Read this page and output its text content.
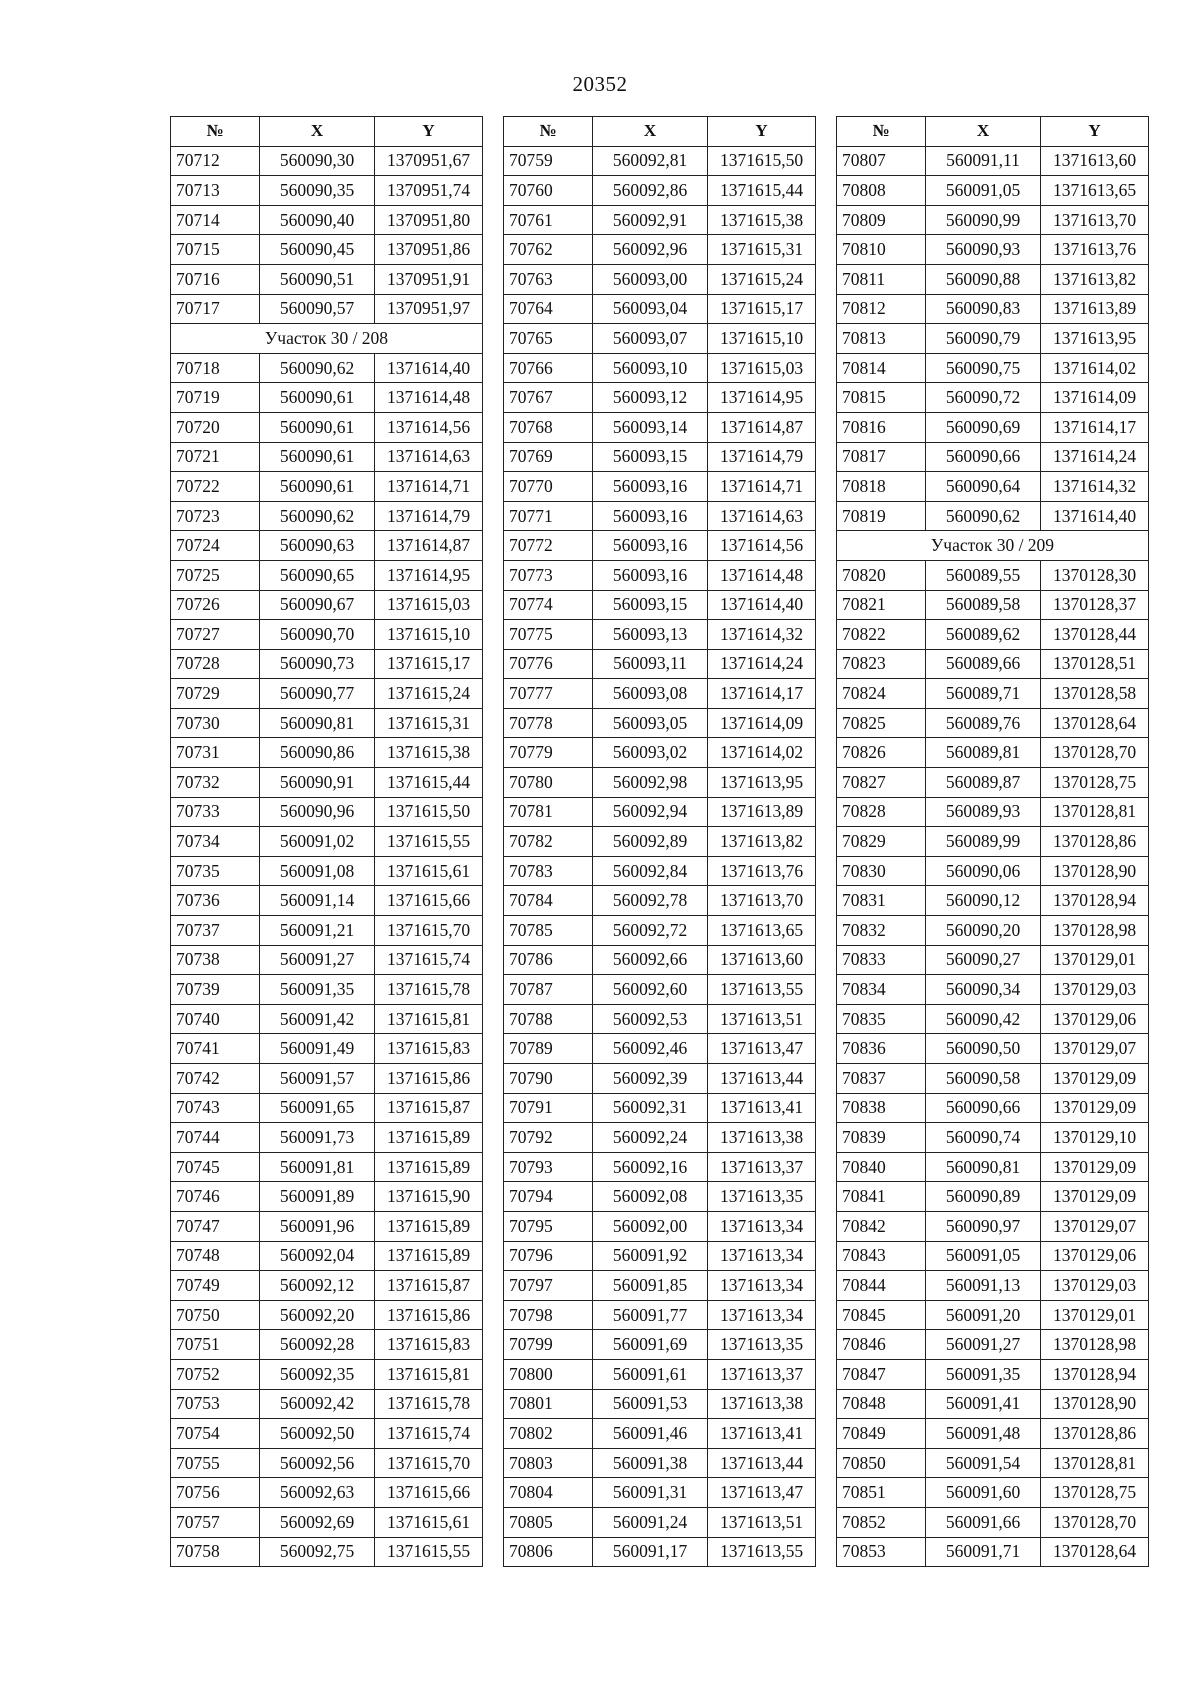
20352
№	X	Y
70712	560090,30	1370951,67
70713	560090,35	1370951,74
70714	560090,40	1370951,80
70715	560090,45	1370951,86
70716	560090,51	1370951,91
70717	560090,57	1370951,97
Участок 30 / 208		
70718	560090,62	1371614,40
70719	560090,61	1371614,48
70720	560090,61	1371614,56
70721	560090,61	1371614,63
70722	560090,61	1371614,71
70723	560090,62	1371614,79
70724	560090,63	1371614,87
70725	560090,65	1371614,95
70726	560090,67	1371615,03
70727	560090,70	1371615,10
70728	560090,73	1371615,17
70729	560090,77	1371615,24
70730	560090,81	1371615,31
70731	560090,86	1371615,38
70732	560090,91	1371615,44
70733	560090,96	1371615,50
70734	560091,02	1371615,55
70735	560091,08	1371615,61
70736	560091,14	1371615,66
70737	560091,21	1371615,70
70738	560091,27	1371615,74
70739	560091,35	1371615,78
70740	560091,42	1371615,81
70741	560091,49	1371615,83
70742	560091,57	1371615,86
70743	560091,65	1371615,87
70744	560091,73	1371615,89
70745	560091,81	1371615,89
70746	560091,89	1371615,90
70747	560091,96	1371615,89
70748	560092,04	1371615,89
70749	560092,12	1371615,87
70750	560092,20	1371615,86
70751	560092,28	1371615,83
70752	560092,35	1371615,81
70753	560092,42	1371615,78
70754	560092,50	1371615,74
70755	560092,56	1371615,70
70756	560092,63	1371615,66
70757	560092,69	1371615,61
70758	560092,75	1371615,55
№	X	Y
70759	560092,81	1371615,50
70760	560092,86	1371615,44
70761	560092,91	1371615,38
70762	560092,96	1371615,31
70763	560093,00	1371615,24
70764	560093,04	1371615,17
70765	560093,07	1371615,10
70766	560093,10	1371615,03
70767	560093,12	1371614,95
70768	560093,14	1371614,87
70769	560093,15	1371614,79
70770	560093,16	1371614,71
70771	560093,16	1371614,63
70772	560093,16	1371614,56
70773	560093,16	1371614,48
70774	560093,15	1371614,40
70775	560093,13	1371614,32
70776	560093,11	1371614,24
70777	560093,08	1371614,17
70778	560093,05	1371614,09
70779	560093,02	1371614,02
70780	560092,98	1371613,95
70781	560092,94	1371613,89
70782	560092,89	1371613,82
70783	560092,84	1371613,76
70784	560092,78	1371613,70
70785	560092,72	1371613,65
70786	560092,66	1371613,60
70787	560092,60	1371613,55
70788	560092,53	1371613,51
70789	560092,46	1371613,47
70790	560092,39	1371613,44
70791	560092,31	1371613,41
70792	560092,24	1371613,38
70793	560092,16	1371613,37
70794	560092,08	1371613,35
70795	560092,00	1371613,34
70796	560091,92	1371613,34
70797	560091,85	1371613,34
70798	560091,77	1371613,34
70799	560091,69	1371613,35
70800	560091,61	1371613,37
70801	560091,53	1371613,38
70802	560091,46	1371613,41
70803	560091,38	1371613,44
70804	560091,31	1371613,47
70805	560091,24	1371613,51
70806	560091,17	1371613,55
№	X	Y
70807	560091,11	1371613,60
70808	560091,05	1371613,65
70809	560090,99	1371613,70
70810	560090,93	1371613,76
70811	560090,88	1371613,82
70812	560090,83	1371613,89
70813	560090,79	1371613,95
70814	560090,75	1371614,02
70815	560090,72	1371614,09
70816	560090,69	1371614,17
70817	560090,66	1371614,24
70818	560090,64	1371614,32
70819	560090,62	1371614,40
Участок 30 / 209		
70820	560089,55	1370128,30
70821	560089,58	1370128,37
70822	560089,62	1370128,44
70823	560089,66	1370128,51
70824	560089,71	1370128,58
70825	560089,76	1370128,64
70826	560089,81	1370128,70
70827	560089,87	1370128,75
70828	560089,93	1370128,81
70829	560089,99	1370128,86
70830	560090,06	1370128,90
70831	560090,12	1370128,94
70832	560090,20	1370128,98
70833	560090,27	1370129,01
70834	560090,34	1370129,03
70835	560090,42	1370129,06
70836	560090,50	1370129,07
70837	560090,58	1370129,09
70838	560090,66	1370129,09
70839	560090,74	1370129,10
70840	560090,81	1370129,09
70841	560090,89	1370129,09
70842	560090,97	1370129,07
70843	560091,05	1370129,06
70844	560091,13	1370129,03
70845	560091,20	1370129,01
70846	560091,27	1370128,98
70847	560091,35	1370128,94
70848	560091,41	1370128,90
70849	560091,48	1370128,86
70850	560091,54	1370128,81
70851	560091,60	1370128,75
70852	560091,66	1370128,70
70853	560091,71	1370128,64
